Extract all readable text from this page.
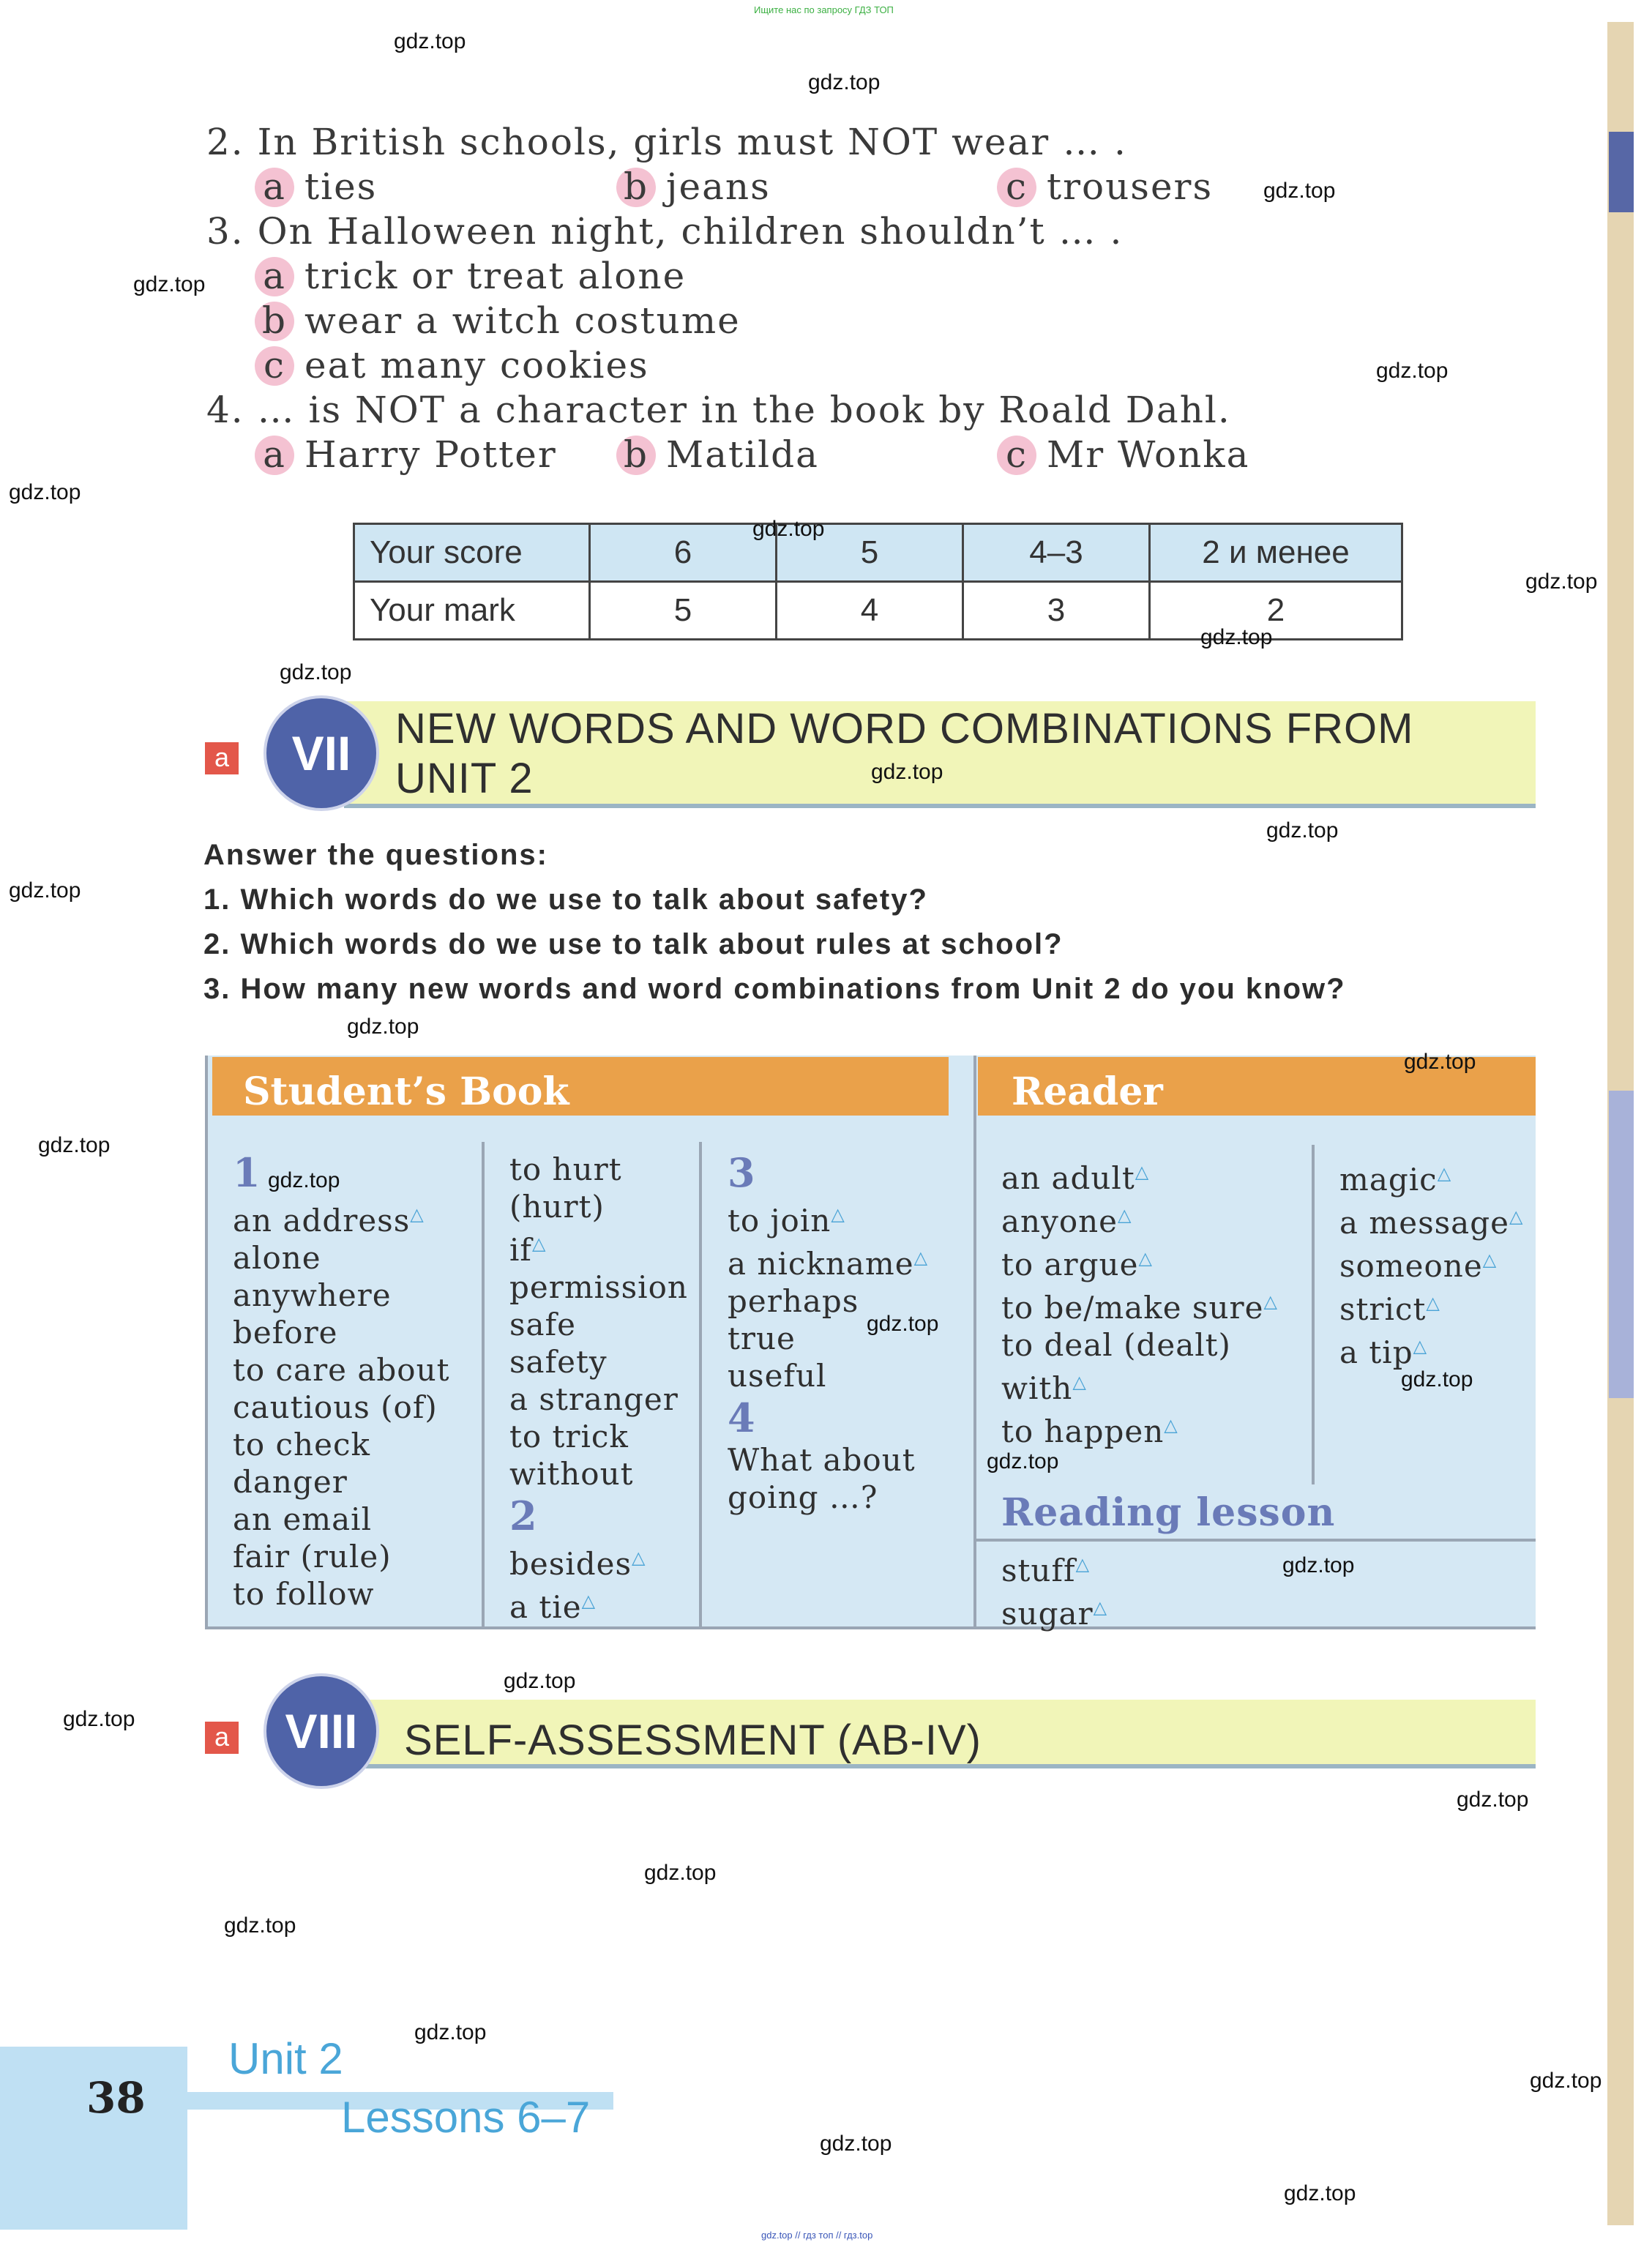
Ищите нас по запросу ГДЗ ТОП
gdz.top // гдз топ // гдз.top
2. In British schools, girls must NOT wear … .
a ties	b jeans	c trousers
3. On Halloween night, children shouldn’t … .
a trick or treat alone
b wear a witch costume
c eat many cookies
4. … is NOT a character in the book by Roald Dahl.
a Harry Potter b Matilda	c Mr Wonka
Your score	6	5	4–3	2 и менее
Your mark	5	4	3	2
a	VII	NEW WORDS AND WORD COMBINATIONS FROM
UNIT 2
Answer the questions:
1. Which words do we use to talk about safety?
2. Which words do we use to talk about rules at school?
3. How many new words and word combinations from Unit 2 do you know?
Student’s Book
1
an address△
alone
anywhere
before
to care about
cautious (of)
to check
danger
an email
fair (rule)
to follow
to hurt
(hurt)
if△
permission
safe
safety
a stranger
to trick
without
2
besides△
a tie△
3
to join△
a nickname△
perhaps
true
useful
4
What about
going …?
Reader
an adult△
anyone△
to argue△
to be/make sure△
to deal (dealt)
with△
to happen△
magic△
a message△
someone△
strict△
a tip△
Reading lesson
stuff△
sugar△
a	VIII	SELF-ASSESSMENT (AB-IV)
38
Unit 2
Lessons 6–7
gdz.top
gdz.top
gdz.top
gdz.top
gdz.top
gdz.top
gdz.top
gdz.top
gdz.top
gdz.top
gdz.top
gdz.top
gdz.top
gdz.top
gdz.top
gdz.top
gdz.top
gdz.top
gdz.top
gdz.top
gdz.top
gdz.top
gdz.top
gdz.top
gdz.top
gdz.top
gdz.top
gdz.top
gdz.top
gdz.top
